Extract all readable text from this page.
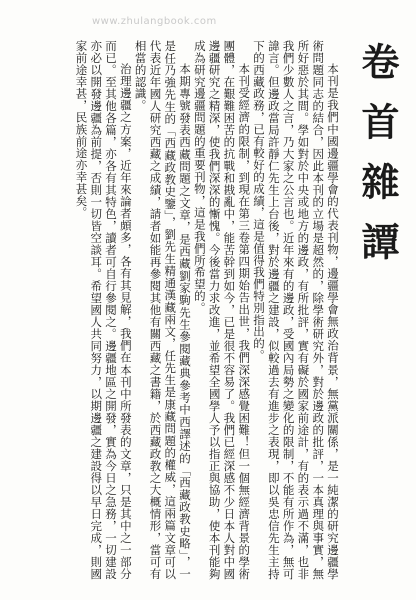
www.zhulangbook.com
卷首雜譚

本刊是我們中國邊疆學會的代表刊物，邊疆學會無政治背景，無黨派關係，是一純潔的研究邊疆學術問題同志的結合，因此本刊的立場是超然的，除學術研究外，對於邊政的批評，一本真理與事實，無所好惡於其間。學如對於中央或地方的邊政，有所批評，實有礙於國家前途計，有的表示過不滿，也非我們少數人之言，乃大家之公言也。近年來有的邊政，受國內局勢之變化的限制，不能有所作為，無可諱言。但邊政當局許靜仁先生上台後，對於邊疆之建設，似較過去有進步之表現，即以吳忠信先生主持下的西藏政務，已有較好的成績，這是值得我們特別指出的。

本刊受經濟的限制，到現在第三卷第四期始告出世，我們深深感覺困難！但一個無經濟背景的學術團體，在艱難困苦的抗戰和戡亂中，能苦幹到如今，已是很不容易了。我們已經深感不少日本人對中國邊疆研究之精深，使我們深深的慚愧。今後當力求改進，並希望全國學人予以指正與協助，使本刊能夠成為研究邊疆問題的重要刊物，這是我們所希望的。

本期專號發表西藏問題之文章，是西藏劉家駒先生參閱藏典參考中西譯述的「西藏政教史略」，一是任乃強先生的「西藏政教史鑒」，劉先生精通漢藏兩文，任先生是康藏問題的權威，這兩篇文章可以代表近年國人研究西藏之成績，請者如能再參閱其他有關西藏之書籍，於西藏政教之大概情形，當可有相當的認識。

治理邊疆之方案，近年來論者頗多，各有其見解，我們在本刊中所發表的文章，只是其中之一部分而已。至其他各篇，亦各有其特色，讀者可自行參閱之。邊疆地區之開發，實為今日之急務，一切建設亦必以開發邊疆為前提，否則一切皆空談耳。希望國人共同努力，以期邊疆之建設得以早日完成，則國家前途幸甚，民族前途亦幸甚矣。
